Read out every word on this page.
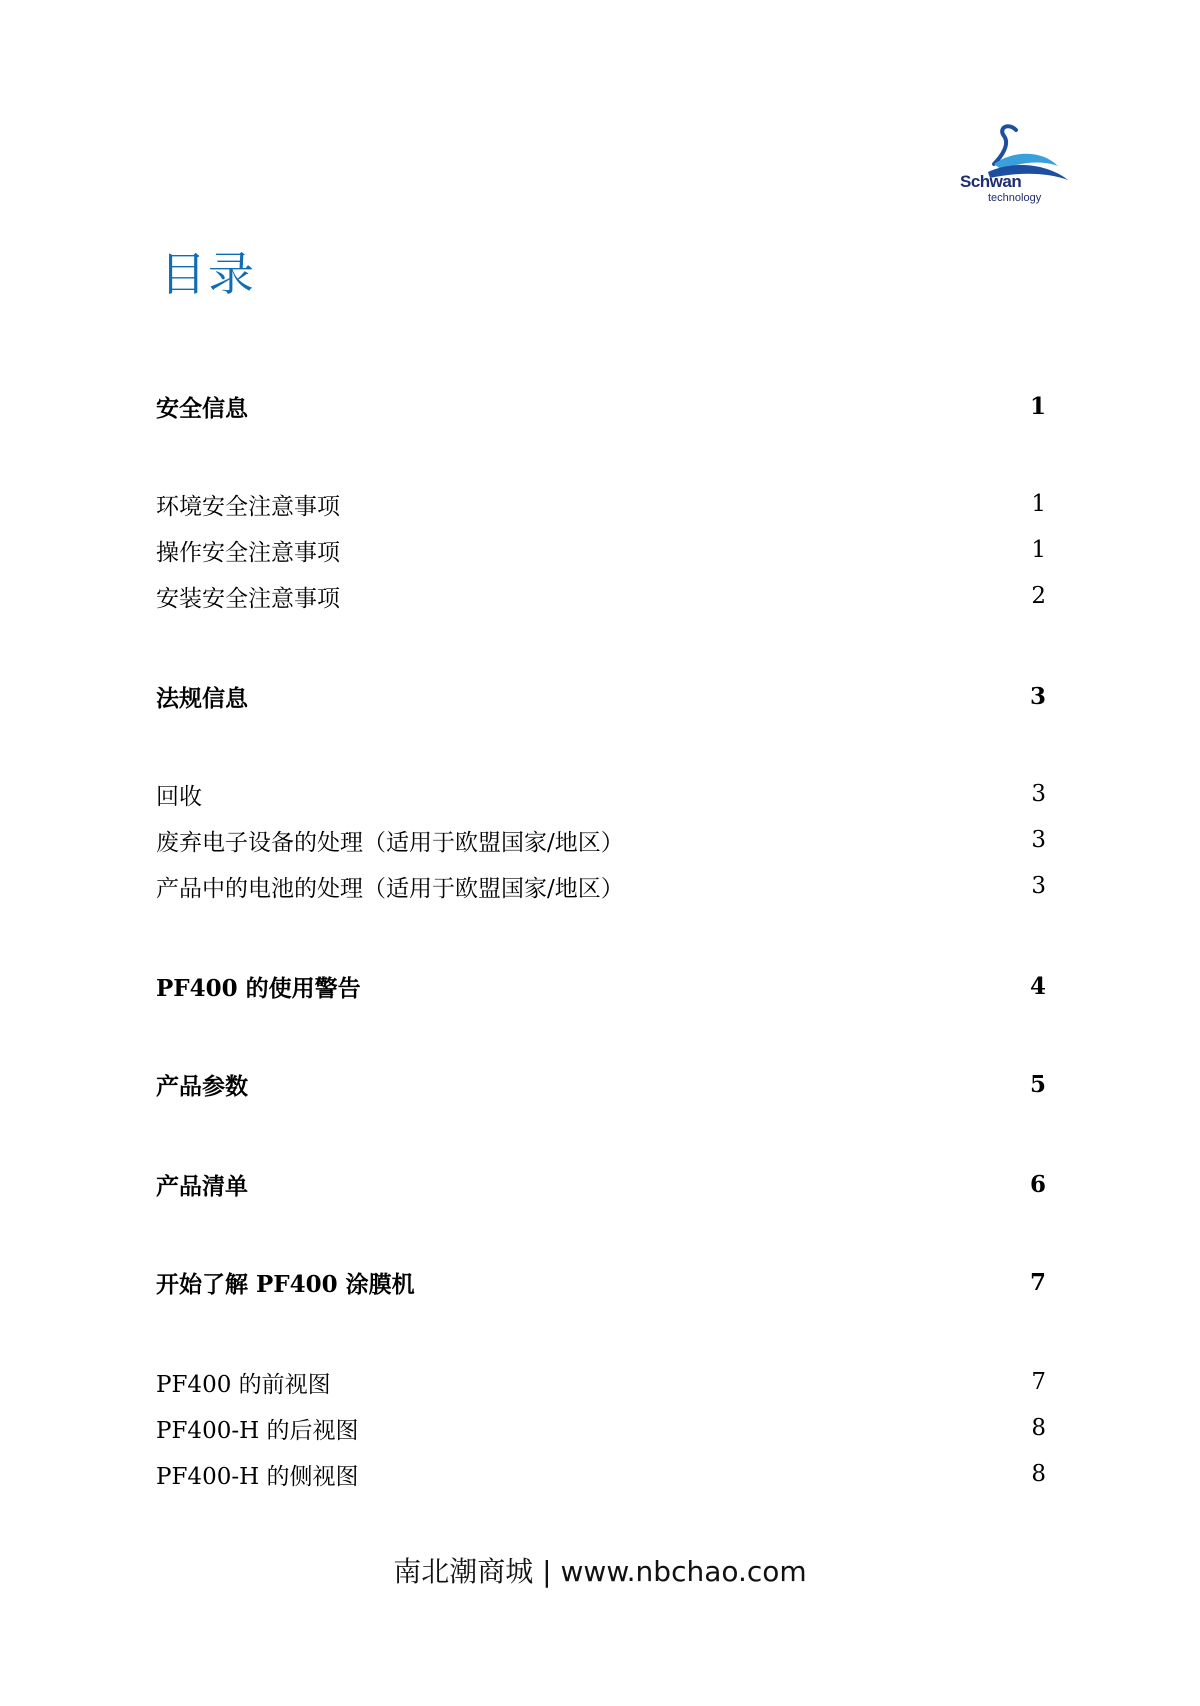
Schwan
technology
目录
安全信息	1
环境安全注意事项	1
操作安全注意事项	1
安装安全注意事项	2
法规信息	3
回收	3
废弃电子设备的处理（适用于欧盟国家/地区）	3
产品中的电池的处理（适用于欧盟国家/地区）	3
PF400 的使用警告	4
产品参数	5
产品清单	6
开始了解 PF400 涂膜机	7
PF400 的前视图	7
PF400-H 的后视图	8
PF400-H 的侧视图	8
南北潮商城 | www.nbchao.com
